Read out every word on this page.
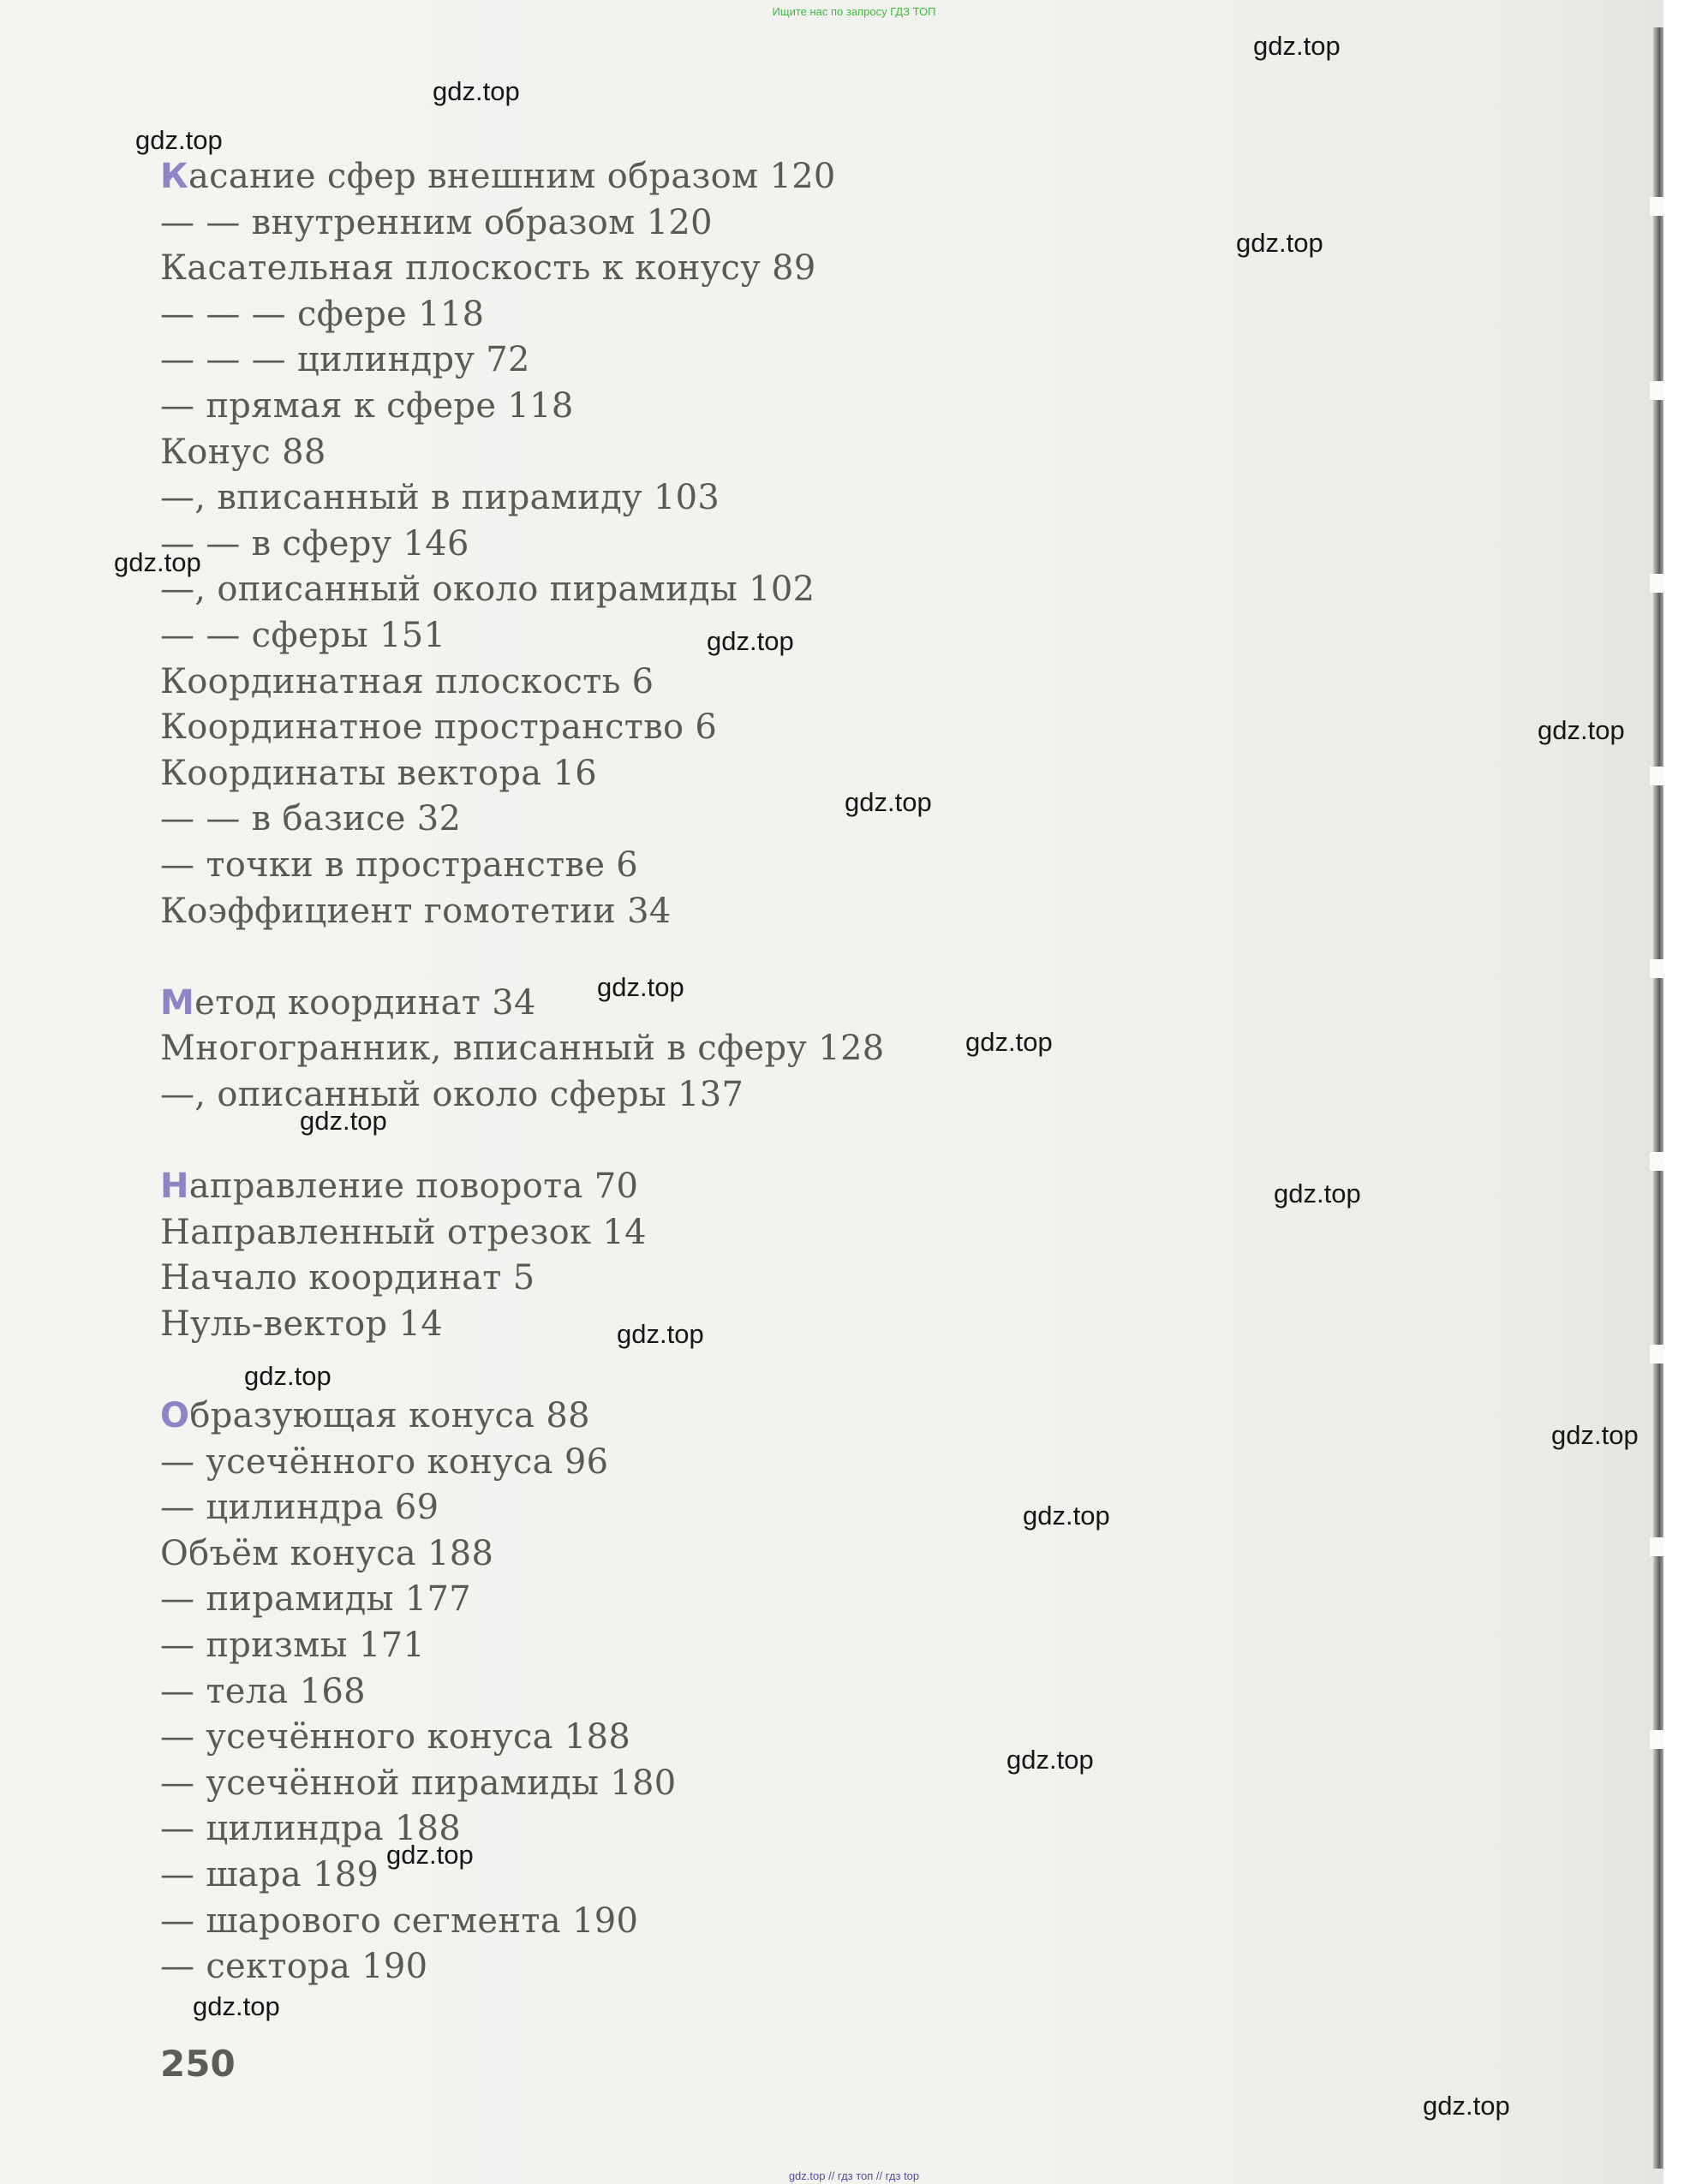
Ищите нас по запросу ГДЗ ТОП
Касание сфер внешним образом 120
— — внутренним образом 120
Касательная плоскость к конусу 89
— — — сфере 118
— — — цилиндру 72
— прямая к сфере 118
Конус 88
—, вписанный в пирамиду 103
— — в сферу 146
—, описанный около пирамиды 102
— — сферы 151
Координатная плоскость 6
Координатное пространство 6
Координаты вектора 16
— — в базисе 32
— точки в пространстве 6
Коэффициент гомотетии 34
Метод координат 34
Многогранник, вписанный в сферу 128
—, описанный около сферы 137
Направление поворота 70
Направленный отрезок 14
Начало координат 5
Нуль-вектор 14
Образующая конуса 88
— усечённого конуса 96
— цилиндра 69
Объём конуса 188
— пирамиды 177
— призмы 171
— тела 168
— усечённого конуса 188
— усечённой пирамиды 180
— цилиндра 188
— шара 189
— шарового сегмента 190
— сектора 190
250
gdz.top
gdz.top
gdz.top
gdz.top
gdz.top
gdz.top
gdz.top
gdz.top
gdz.top
gdz.top
gdz.top
gdz.top
gdz.top
gdz.top
gdz.top
gdz.top
gdz.top
gdz.top
gdz.top
gdz.top
gdz.top // гдз топ // гдз top
